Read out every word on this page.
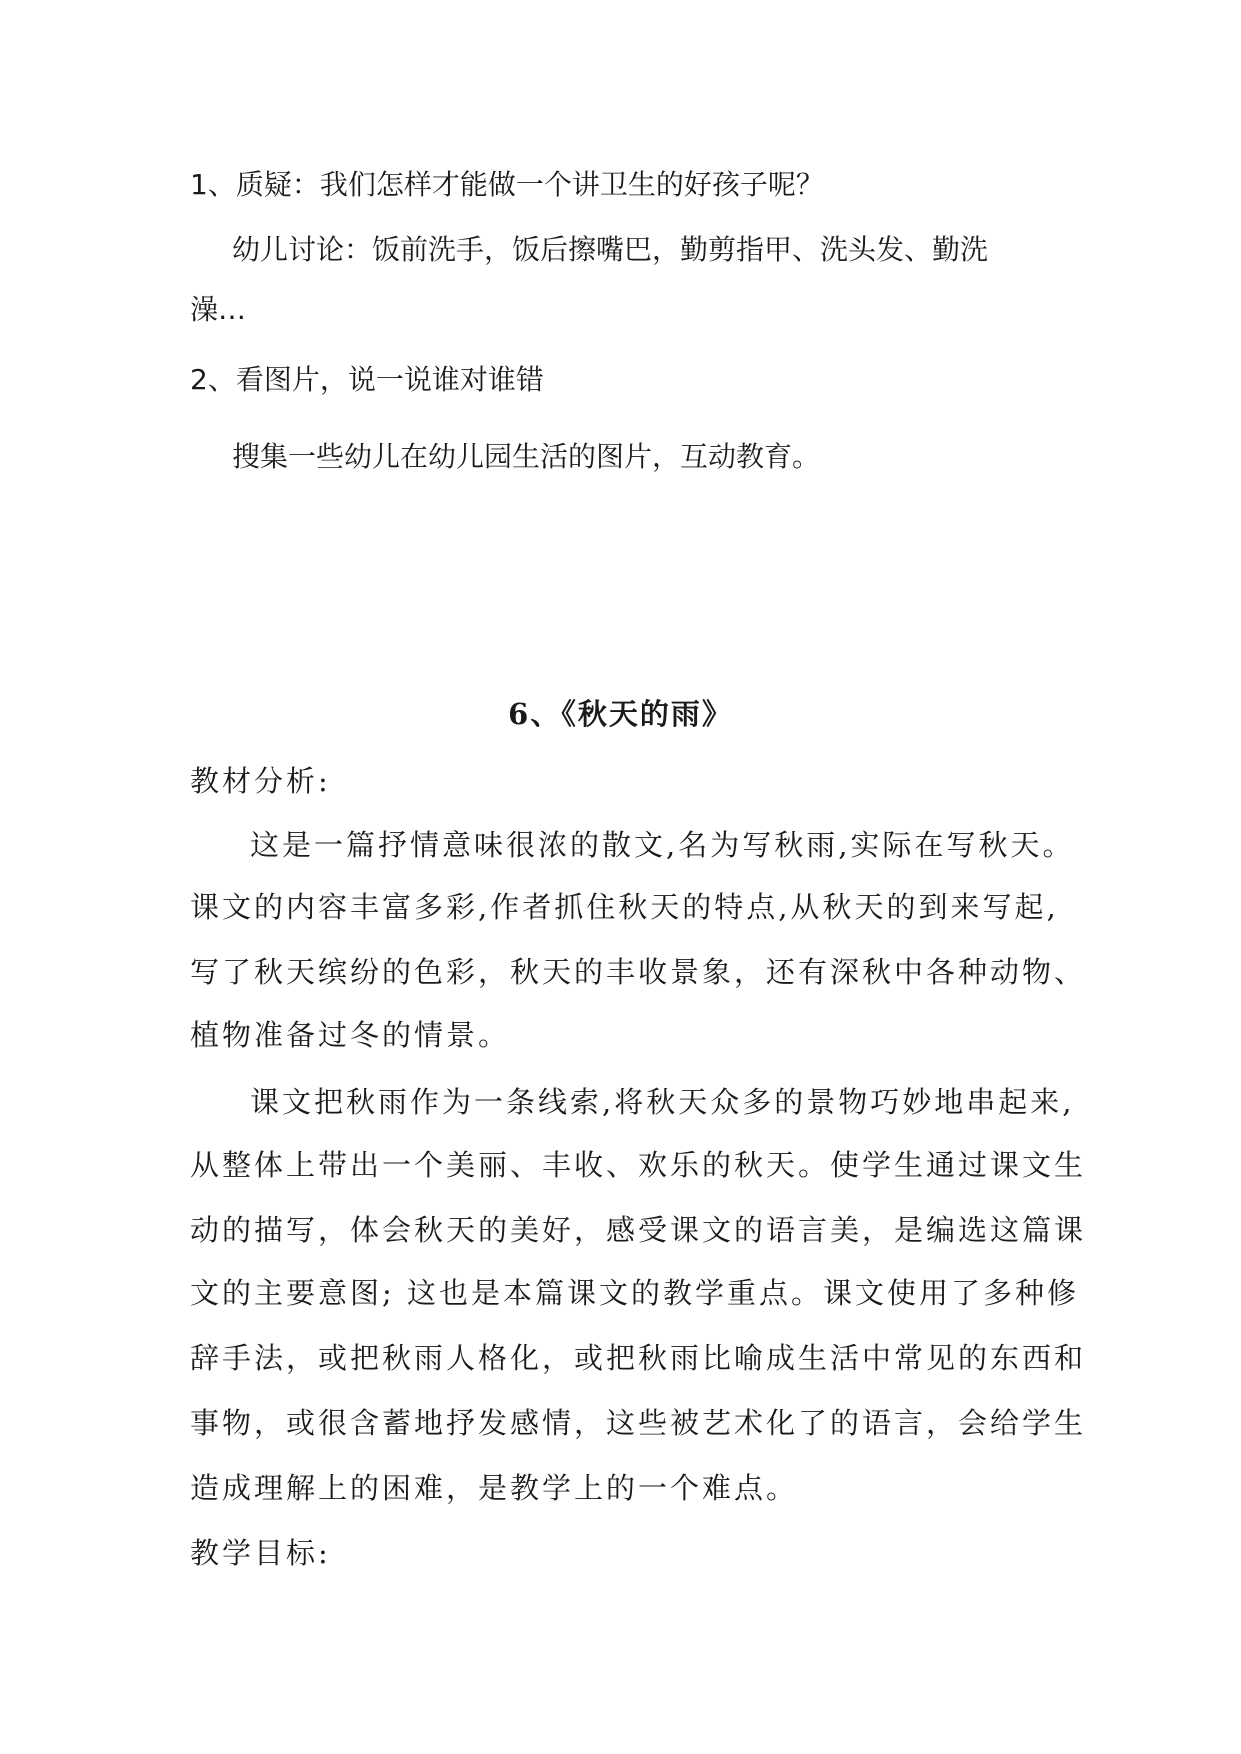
1、质疑：我们怎样才能做一个讲卫生的好孩子呢？
幼儿讨论：饭前洗手，饭后擦嘴巴，勤剪指甲、洗头发、勤洗
澡…
2、看图片，说一说谁对谁错
搜集一些幼儿在幼儿园生活的图片，互动教育。
6、《秋天的雨》
教材分析:
这是一篇抒情意味很浓的散文,名为写秋雨,实际在写秋天。
课文的内容丰富多彩,作者抓住秋天的特点,从秋天的到来写起,
写了秋天缤纷的色彩，秋天的丰收景象，还有深秋中各种动物、
植物准备过冬的情景。
课文把秋雨作为一条线索,将秋天众多的景物巧妙地串起来,
从整体上带出一个美丽、丰收、欢乐的秋天。使学生通过课文生
动的描写，体会秋天的美好，感受课文的语言美，是编选这篇课
文的主要意图; 这也是本篇课文的教学重点。课文使用了多种修
辞手法，或把秋雨人格化，或把秋雨比喻成生活中常见的东西和
事物，或很含蓄地抒发感情，这些被艺术化了的语言，会给学生
造成理解上的困难，是教学上的一个难点。
教学目标:
